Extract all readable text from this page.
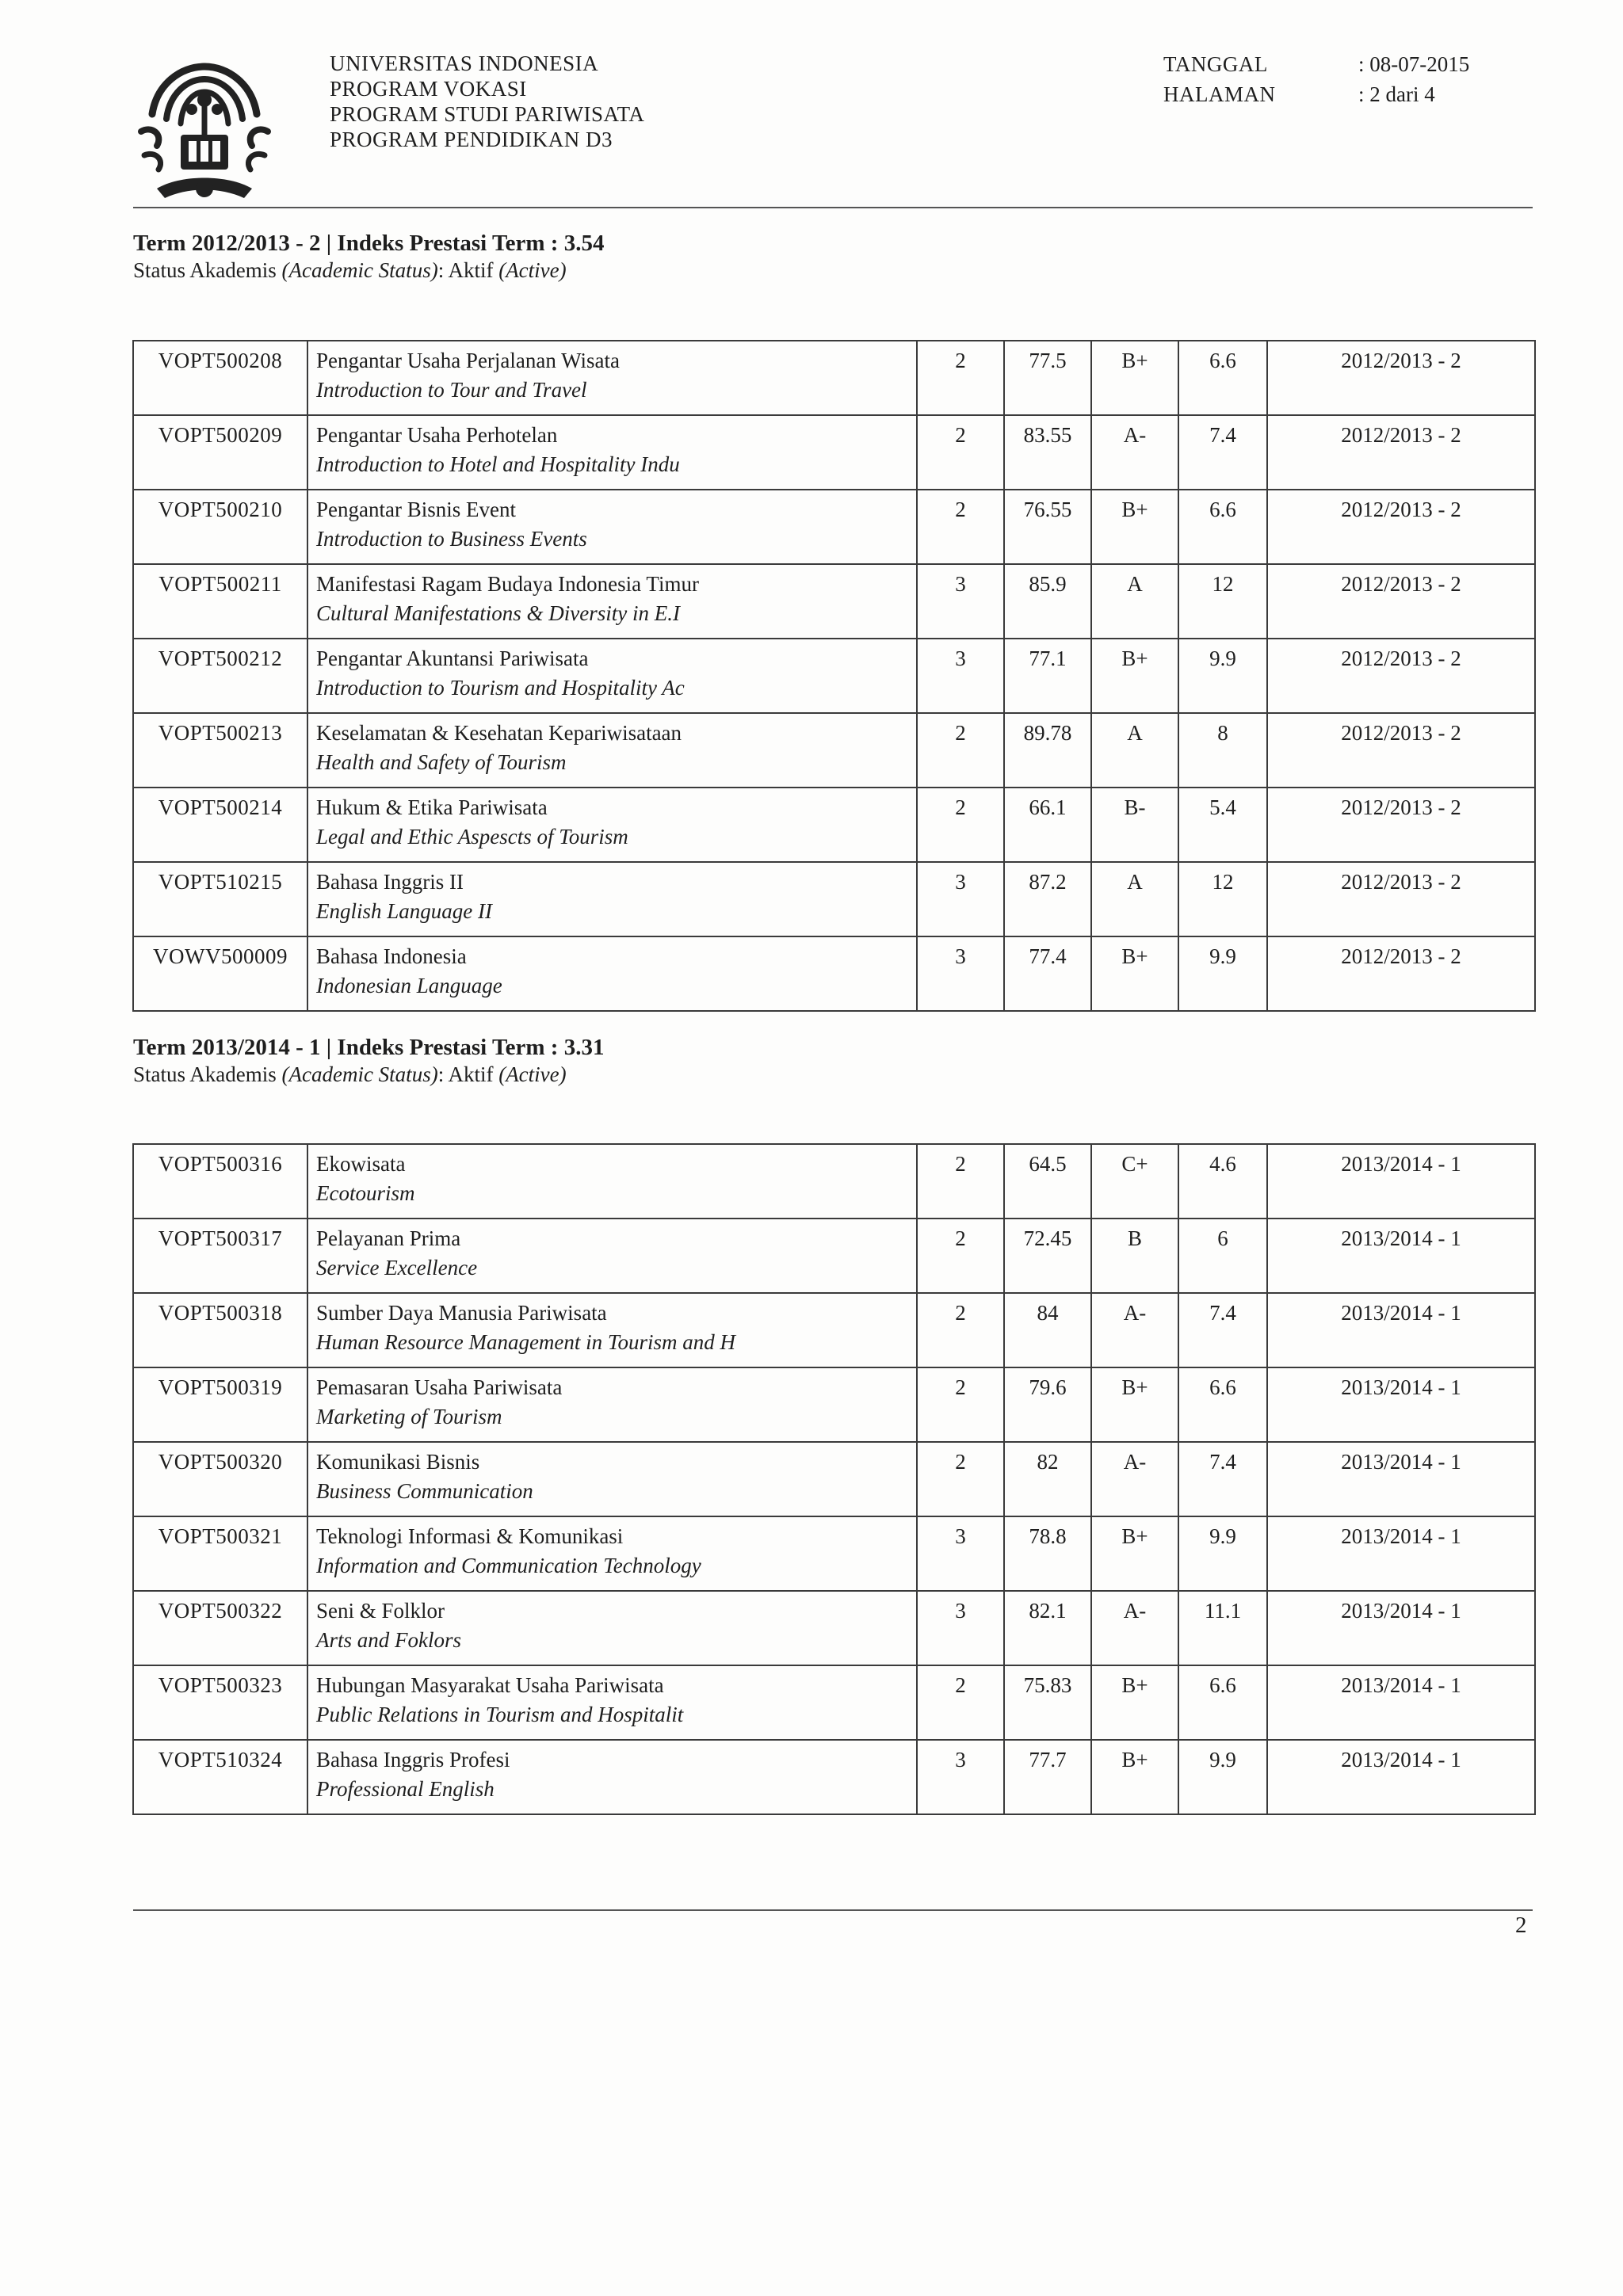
UNIVERSITAS INDONESIA
PROGRAM VOKASI
PROGRAM STUDI PARIWISATA
PROGRAM PENDIDIKAN D3
TANGGAL	: 08-07-2015
HALAMAN	: 2 dari 4
Term 2012/2013 - 2 | Indeks Prestasi Term : 3.54
Status Akademis (Academic Status): Aktif (Active)
VOPT500208	Pengantar Usaha Perjalanan Wisata
Introduction to Tour and Travel	2	77.5	B+	6.6	2012/2013 - 2
VOPT500209	Pengantar Usaha Perhotelan
Introduction to Hotel and Hospitality Indu	2	83.55	A-	7.4	2012/2013 - 2
VOPT500210	Pengantar Bisnis Event
Introduction to Business Events	2	76.55	B+	6.6	2012/2013 - 2
VOPT500211	Manifestasi Ragam Budaya Indonesia Timur
Cultural Manifestations & Diversity in E.I	3	85.9	A	12	2012/2013 - 2
VOPT500212	Pengantar Akuntansi Pariwisata
Introduction to Tourism and Hospitality Ac	3	77.1	B+	9.9	2012/2013 - 2
VOPT500213	Keselamatan & Kesehatan Kepariwisataan
Health and Safety of Tourism	2	89.78	A	8	2012/2013 - 2
VOPT500214	Hukum & Etika Pariwisata
Legal and Ethic Aspescts of Tourism	2	66.1	B-	5.4	2012/2013 - 2
VOPT510215	Bahasa Inggris II
English Language II	3	87.2	A	12	2012/2013 - 2
VOWV500009	Bahasa Indonesia
Indonesian Language	3	77.4	B+	9.9	2012/2013 - 2
Term 2013/2014 - 1 | Indeks Prestasi Term : 3.31
Status Akademis (Academic Status): Aktif (Active)
VOPT500316	Ekowisata
Ecotourism	2	64.5	C+	4.6	2013/2014 - 1
VOPT500317	Pelayanan Prima
Service Excellence	2	72.45	B	6	2013/2014 - 1
VOPT500318	Sumber Daya Manusia Pariwisata
Human Resource Management in Tourism and H	2	84	A-	7.4	2013/2014 - 1
VOPT500319	Pemasaran Usaha Pariwisata
Marketing of Tourism	2	79.6	B+	6.6	2013/2014 - 1
VOPT500320	Komunikasi Bisnis
Business Communication	2	82	A-	7.4	2013/2014 - 1
VOPT500321	Teknologi Informasi & Komunikasi
Information and Communication Technology	3	78.8	B+	9.9	2013/2014 - 1
VOPT500322	Seni & Folklor
Arts and Foklors	3	82.1	A-	11.1	2013/2014 - 1
VOPT500323	Hubungan Masyarakat Usaha Pariwisata
Public Relations in Tourism and Hospitalit	2	75.83	B+	6.6	2013/2014 - 1
VOPT510324	Bahasa Inggris Profesi
Professional English	3	77.7	B+	9.9	2013/2014 - 1
2
